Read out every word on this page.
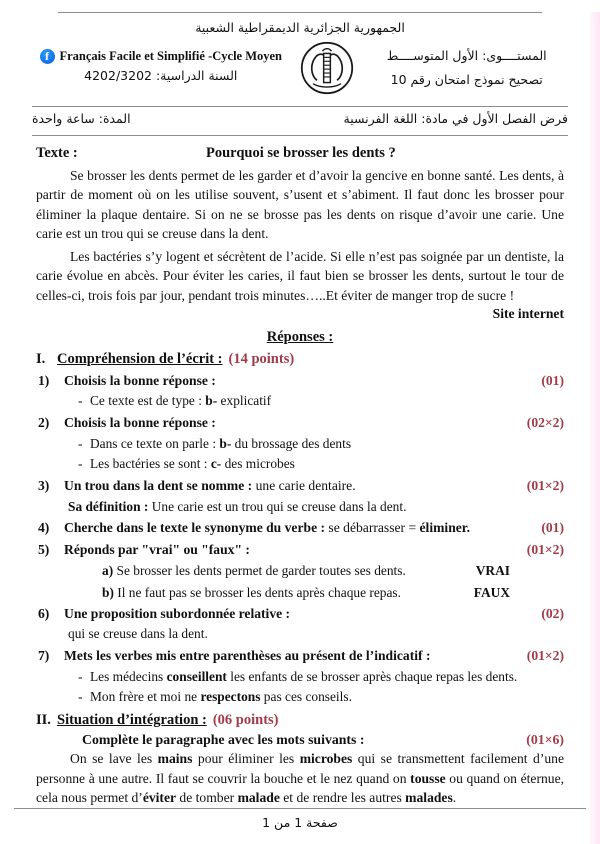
الجمهورية الجزائرية الديمقراطية الشعبية
f Français Facile et Simplifié -Cycle Moyen
السنة الدراسية: 2023/2024
المستــــوى: الأول المتوســــط
تصحيح نموذج امتحان رقم 01
المدة: ساعة واحدة	فرض الفصل الأول في مادة: اللغة الفرنسية
Texte :	Pourquoi se brosser les dents ?

Se brosser les dents permet de les garder et d’avoir la gencive en bonne santé. Les dents, à partir de moment où on les utilise souvent, s’usent et s’abiment. Il faut donc les brosser pour éliminer la plaque dentaire. Si on ne se brosse pas les dents on risque d’avoir une carie. Une carie est un trou qui se creuse dans la dent.

Les bactéries s’y logent et sécrètent de l’acide. Si elle n’est pas soignée par un dentiste, la carie évolue en abcès. Pour éviter les caries, il faut bien se brosser les dents, surtout le tour de celles-ci, trois fois par jour, pendant trois minutes…..Et éviter de manger trop de sucre !

Site internet
Réponses :
I. Compréhension de l’écrit : (14 points)
1) Choisis la bonne réponse :	(01)
- Ce texte est de type : b- explicatif
2) Choisis la bonne réponse :	(02×2)
- Dans ce texte on parle : b- du brossage des dents
- Les bactéries se sont : c- des microbes
3) Un trou dans la dent se nomme : une carie dentaire.	(01×2)
Sa définition : Une carie est un trou qui se creuse dans la dent.
4) Cherche dans le texte le synonyme du verbe : se débarrasser = éliminer.	(01)
5) Réponds par "vrai" ou "faux" :	(01×2)
a) Se brosser les dents permet de garder toutes ses dents.	VRAI
b) Il ne faut pas se brosser les dents après chaque repas.	FAUX
6) Une proposition subordonnée relative :	(02)
qui se creuse dans la dent.
7) Mets les verbes mis entre parenthèses au présent de l’indicatif :	(01×2)
- Les médecins conseillent les enfants de se brosser après chaque repas les dents.
- Mon frère et moi ne respectons pas ces conseils.
II. Situation d’intégration : (06 points)
Complète le paragraphe avec les mots suivants :	(01×6)

On se lave les mains pour éliminer les microbes qui se transmettent facilement d’une personne à une autre. Il faut se couvrir la bouche et le nez quand on tousse ou quand on éternue, cela nous permet d’éviter de tomber malade et de rendre les autres malades.

صفحة 1 من 1
